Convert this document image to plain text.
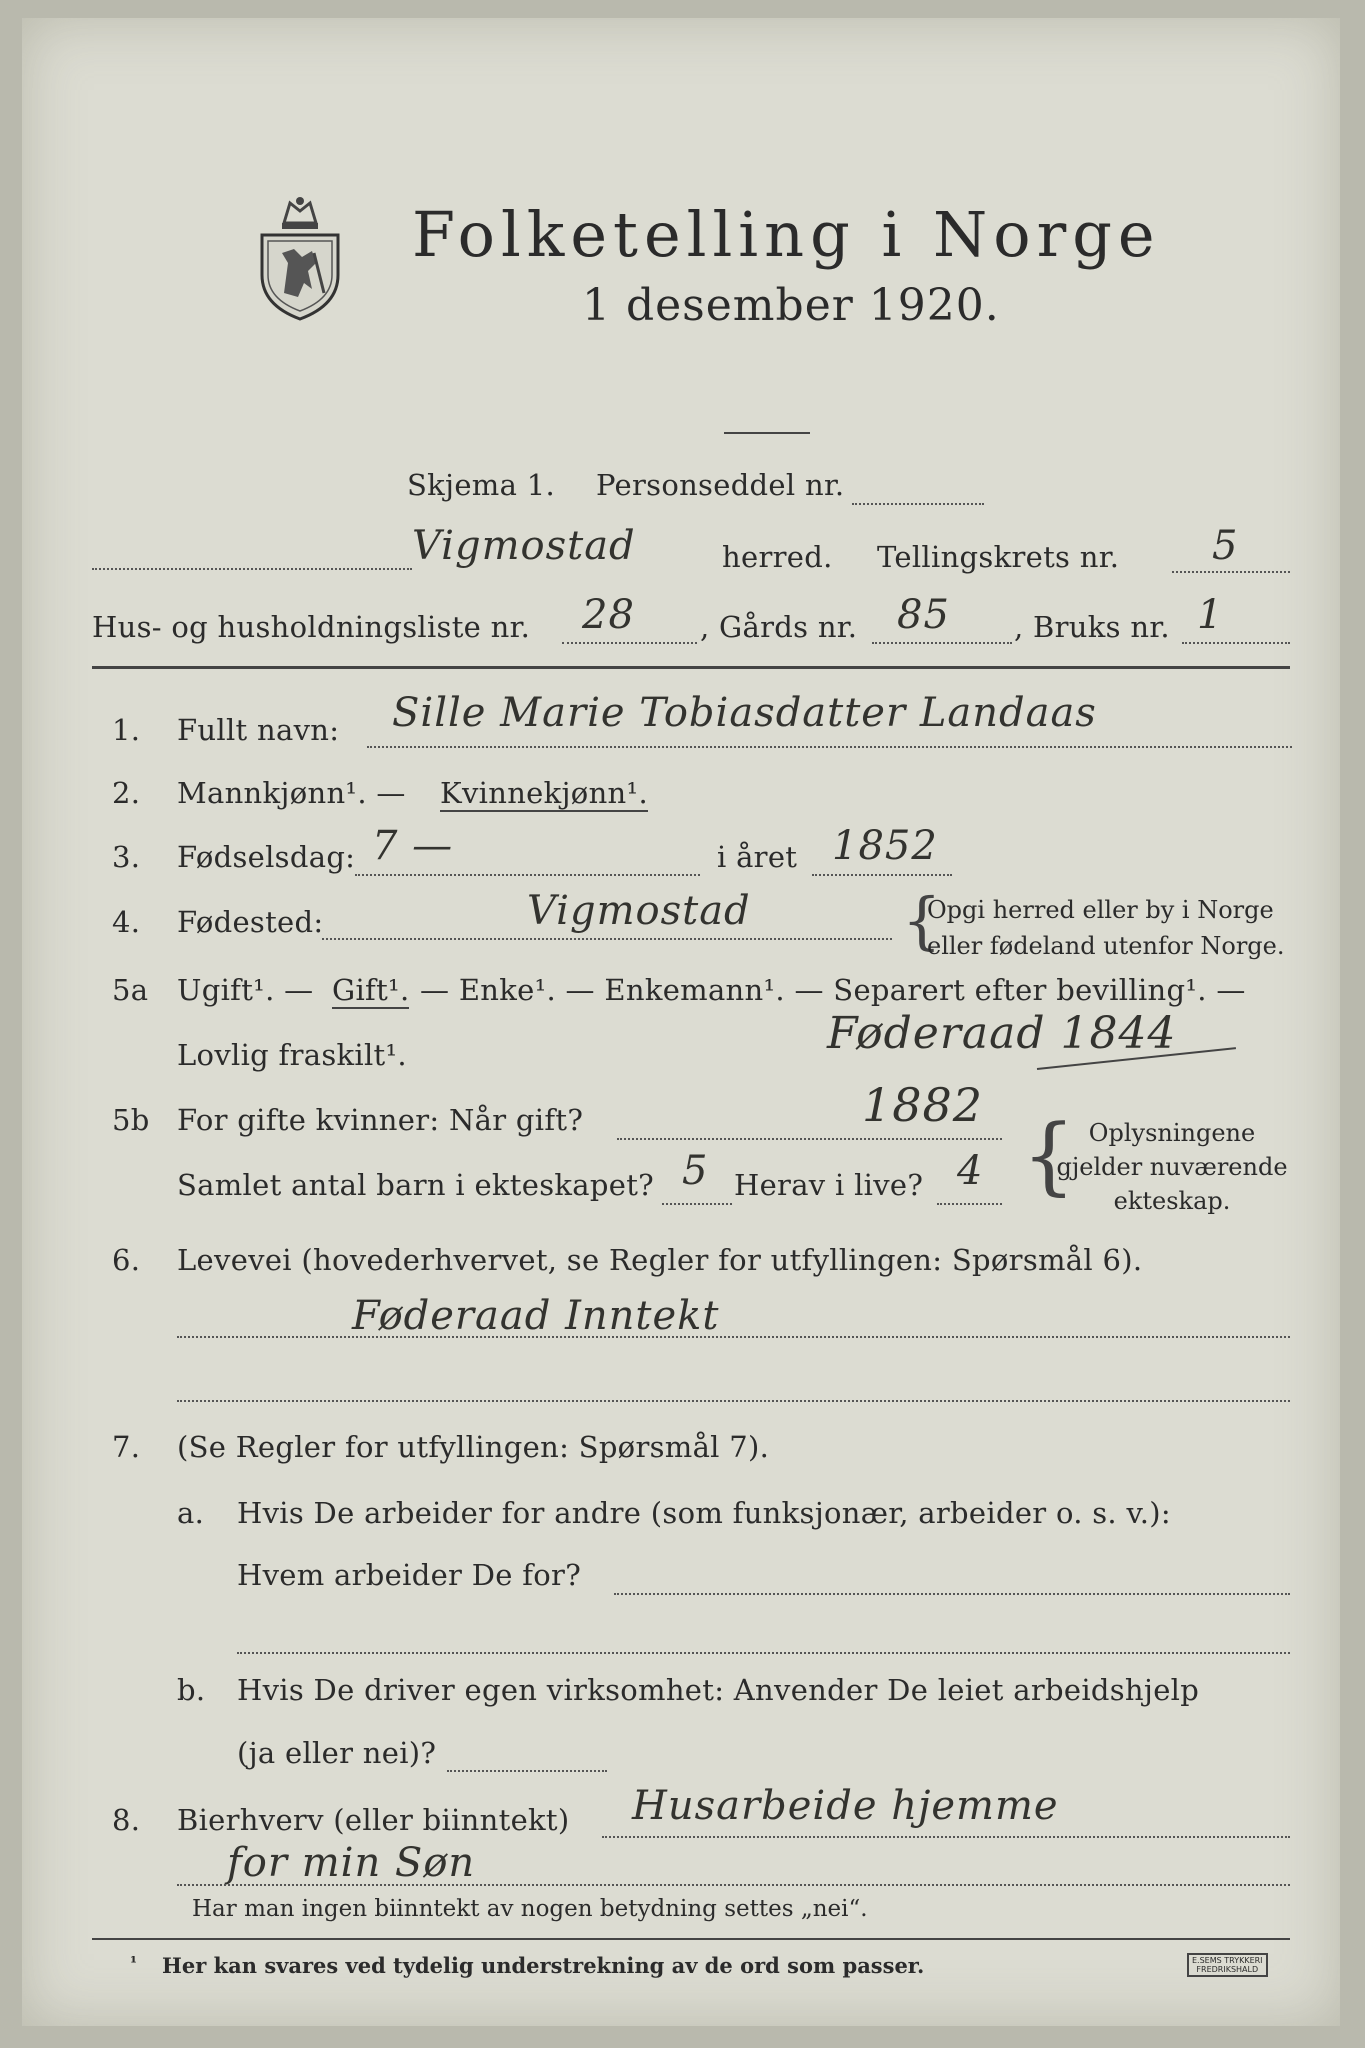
Folketelling i Norge
1 desember 1920.
Skjema 1. Personseddel nr.
Vigmostad	herred. Tellingskrets nr. 5
Hus- og husholdningsliste nr. 28 , Gårds nr. 85 , Bruks nr. 1
1. Fullt navn: Sille Marie Tobiasdatter Landaas
2. Mannkjønn¹. — Kvinnekjønn¹.
3. Fødselsdag: 7 —	i året 1852
4. Fødested:	Vigmostad {
Opgi herred eller by i Norge
eller fødeland utenfor Norge.
5a Ugift¹. — Gift¹. — Enke¹. — Enkemann¹. — Separert efter bevilling¹. —
Lovlig fraskilt¹.	Føderaad 1844
5b For gifte kvinner: Når gift?	1882
Samlet antal barn i ekteskapet? 5 Herav i live? 4 { Oplysningene
gjelder nuværende
ekteskap.
6. Levevei (hovederhvervet, se Regler for utfyllingen: Spørsmål 6).
Føderaad Inntekt
7. (Se Regler for utfyllingen: Spørsmål 7).
a. Hvis De arbeider for andre (som funksjonær, arbeider o. s. v.):
Hvem arbeider De for?
b. Hvis De driver egen virksomhet: Anvender De leiet arbeidshjelp
(ja eller nei)?
8. Bierhverv (eller biinntekt) Husarbeide hjemme
for min Søn
Har man ingen biinntekt av nogen betydning settes „nei“.
¹ Her kan svares ved tydelig understrekning av de ord som passer.	E.SEMS TRYKKERI
FREDRIKSHALD
